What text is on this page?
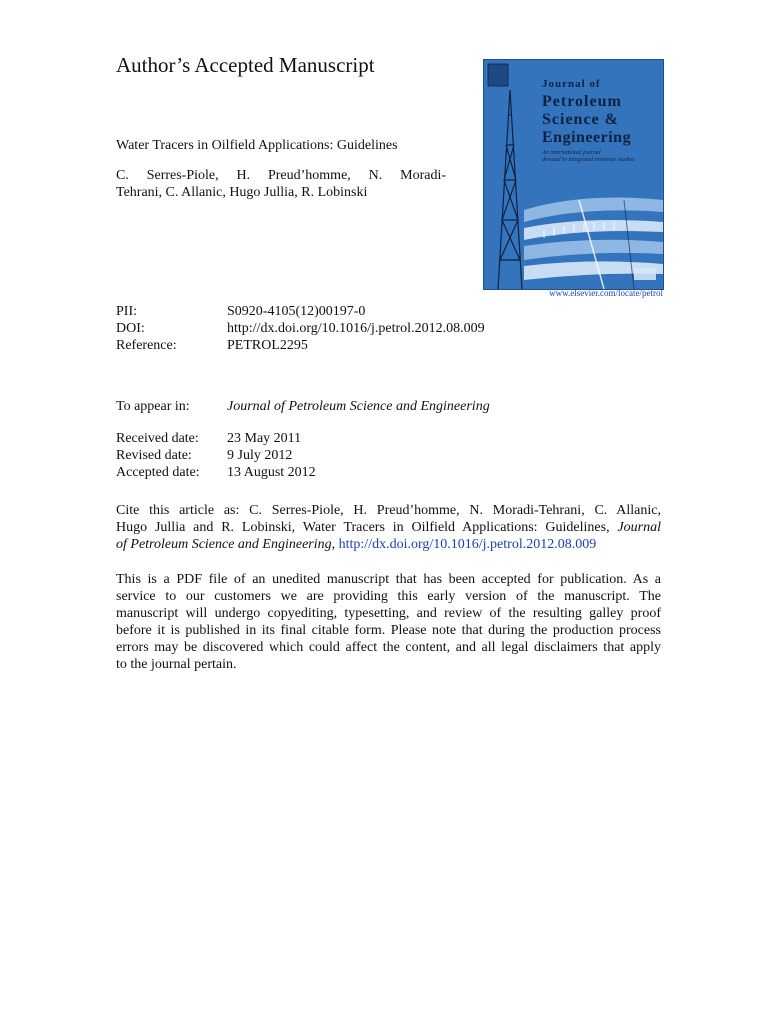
Author’s Accepted Manuscript
Water Tracers in Oilfield Applications: Guidelines
C. Serres-Piole, H. Preud’homme, N. Moradi-
Tehrani, C. Allanic, Hugo Jullia, R. Lobinski
Journal of
Petroleum
Science &
Engineering
An international journal
devoted to integrated reservoir studies
www.elsevier.com/locate/petrol
PII:	S0920-4105(12)00197-0
DOI:	http://dx.doi.org/10.1016/j.petrol.2012.08.009
Reference:	PETROL2295
To appear in:	Journal of Petroleum Science and Engineering
Received date: 23 May 2011
Revised date:	9 July 2012
Accepted date: 13 August 2012
Cite this article as: C. Serres-Piole, H. Preud’homme, N. Moradi-Tehrani, C. Allanic,
Hugo Jullia and R. Lobinski, Water Tracers in Oilfield Applications: Guidelines, Journal
of Petroleum Science and Engineering, http://dx.doi.org/10.1016/j.petrol.2012.08.009
This is a PDF file of an unedited manuscript that has been accepted for publication. As a
service to our customers we are providing this early version of the manuscript. The
manuscript will undergo copyediting, typesetting, and review of the resulting galley proof
before it is published in its final citable form. Please note that during the production process
errors may be discovered which could affect the content, and all legal disclaimers that apply
to the journal pertain.
